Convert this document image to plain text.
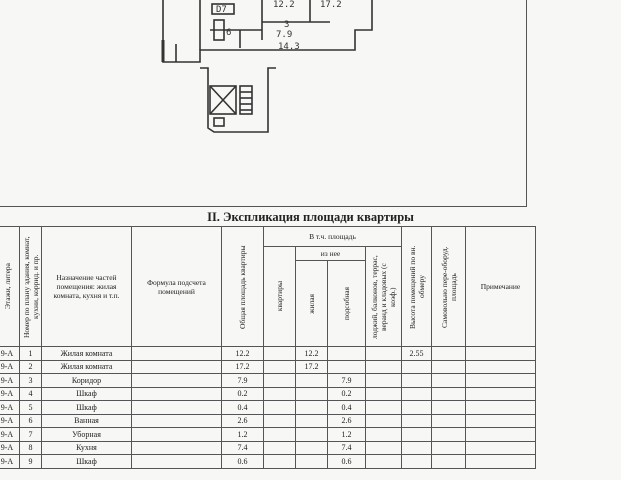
12.2	17.2
7.9
14.3
D7
6
3
II. Экспликация площади квартиры
Этажи, литера	Номер по плану здания, комнат, кухни, коррид. и пр.	Назначение частей помещения: жилая комната, кухня и т.п.	Формула подсчета помещений	Общая площадь квартиры	В т.ч. площадь				Высота помещений по вн. обмеру	Самовольно пере-оборуд. площадь	Примечание

					квартиры	из нее		лоджий, балконов, террас, веранд и кладовых (с коэф.)			

						жилая	подсобная				

9-А	1	Жилая комната		12.2		12.2			2.55		
9-А	2	Жилая комната		17.2		17.2					
9-А	3	Коридор		7.9			7.9				
9-А	4	Шкаф		0.2			0.2				
9-А	5	Шкаф		0.4			0.4				
9-А	6	Ванная		2.6			2.6				
9-А	7	Уборная		1.2			1.2				
9-А	8	Кухня		7.4			7.4				
9-А	9	Шкаф		0.6			0.6				
